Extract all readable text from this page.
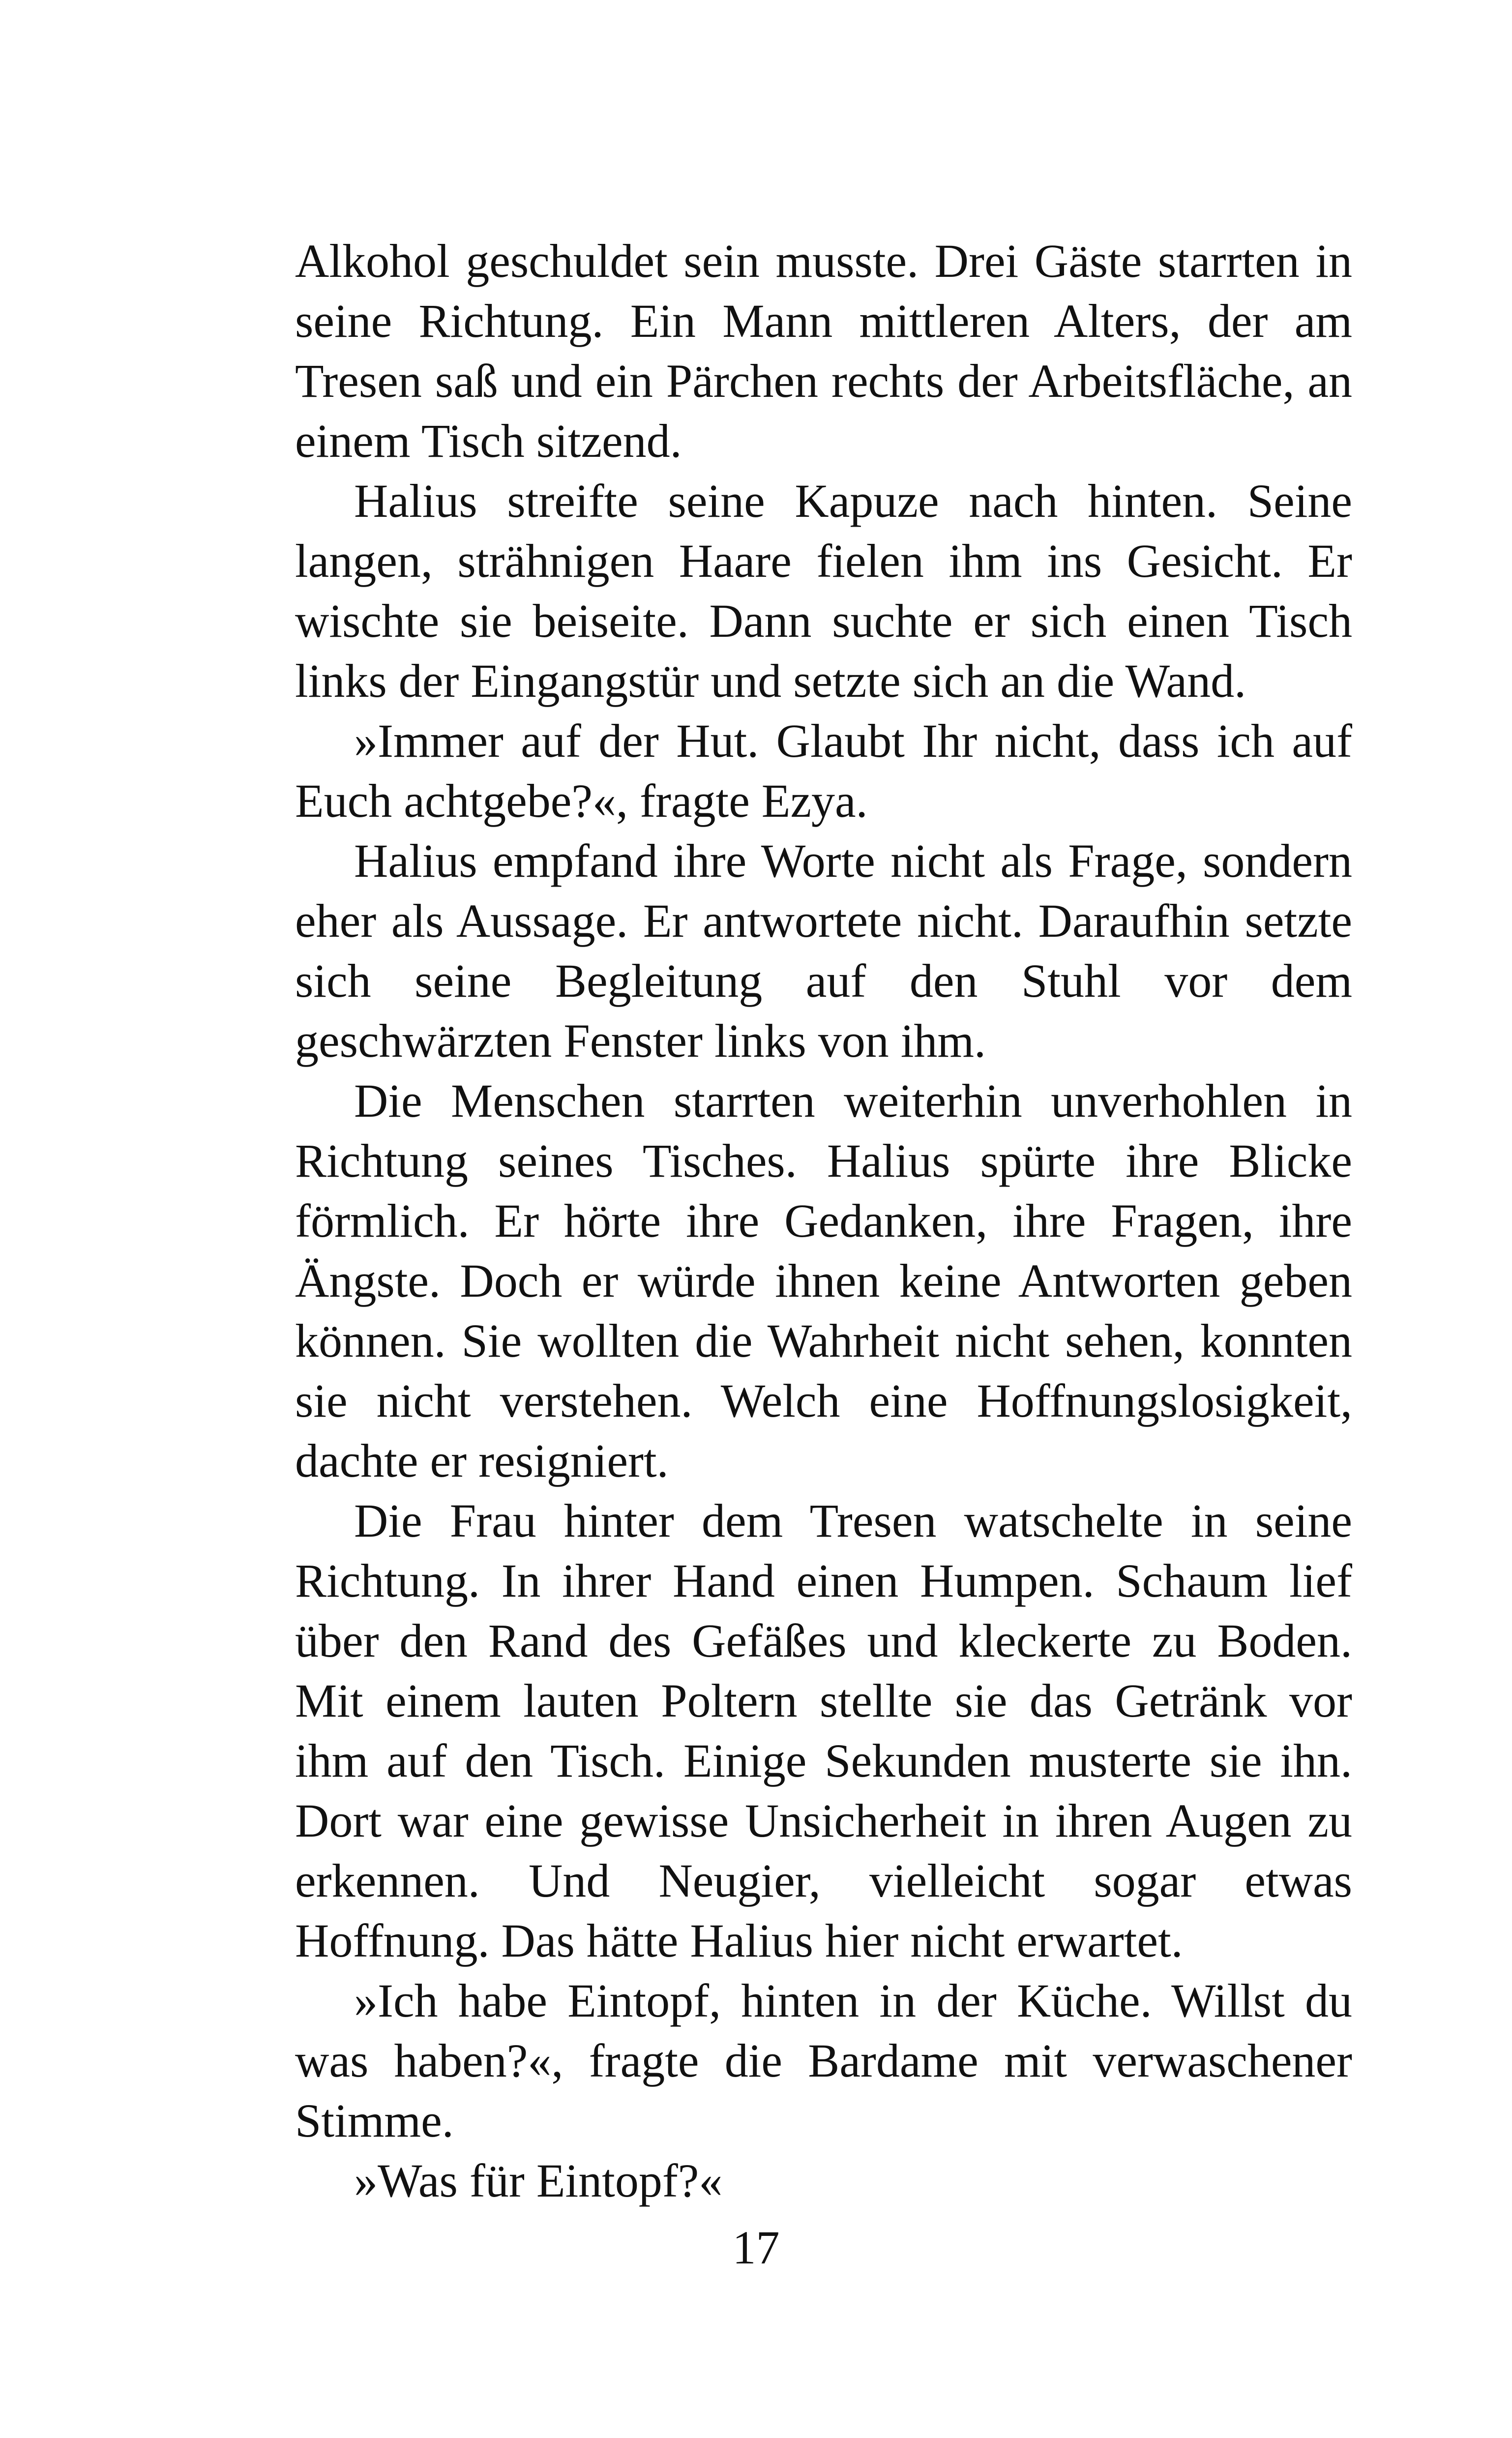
Alkohol geschuldet sein musste. Drei Gäste starrten in seine Richtung. Ein Mann mittleren Alters, der am Tresen saß und ein Pärchen rechts der Arbeitsfläche, an einem Tisch sitzend.

Halius streifte seine Kapuze nach hinten. Seine langen, strähnigen Haare fielen ihm ins Gesicht. Er wischte sie beiseite. Dann suchte er sich einen Tisch links der Eingangstür und setzte sich an die Wand.

»Immer auf der Hut. Glaubt Ihr nicht, dass ich auf Euch achtgebe?«, fragte Ezya.

Halius empfand ihre Worte nicht als Frage, sondern eher als Aussage. Er antwortete nicht. Daraufhin setzte sich seine Begleitung auf den Stuhl vor dem geschwärzten Fenster links von ihm.

Die Menschen starrten weiterhin unverhohlen in Richtung seines Tisches. Halius spürte ihre Blicke förmlich. Er hörte ihre Gedanken, ihre Fragen, ihre Ängste. Doch er würde ihnen keine Antworten geben können. Sie wollten die Wahrheit nicht sehen, konnten sie nicht verstehen. Welch eine Hoffnungslosigkeit, dachte er resigniert.

Die Frau hinter dem Tresen watschelte in seine Richtung. In ihrer Hand einen Humpen. Schaum lief über den Rand des Gefäßes und kleckerte zu Boden. Mit einem lauten Poltern stellte sie das Getränk vor ihm auf den Tisch. Einige Sekunden musterte sie ihn. Dort war eine gewisse Unsicherheit in ihren Augen zu erkennen. Und Neugier, vielleicht sogar etwas Hoffnung. Das hätte Halius hier nicht erwartet.

»Ich habe Eintopf, hinten in der Küche. Willst du was haben?«, fragte die Bardame mit verwaschener Stimme.

»Was für Eintopf?«

17
